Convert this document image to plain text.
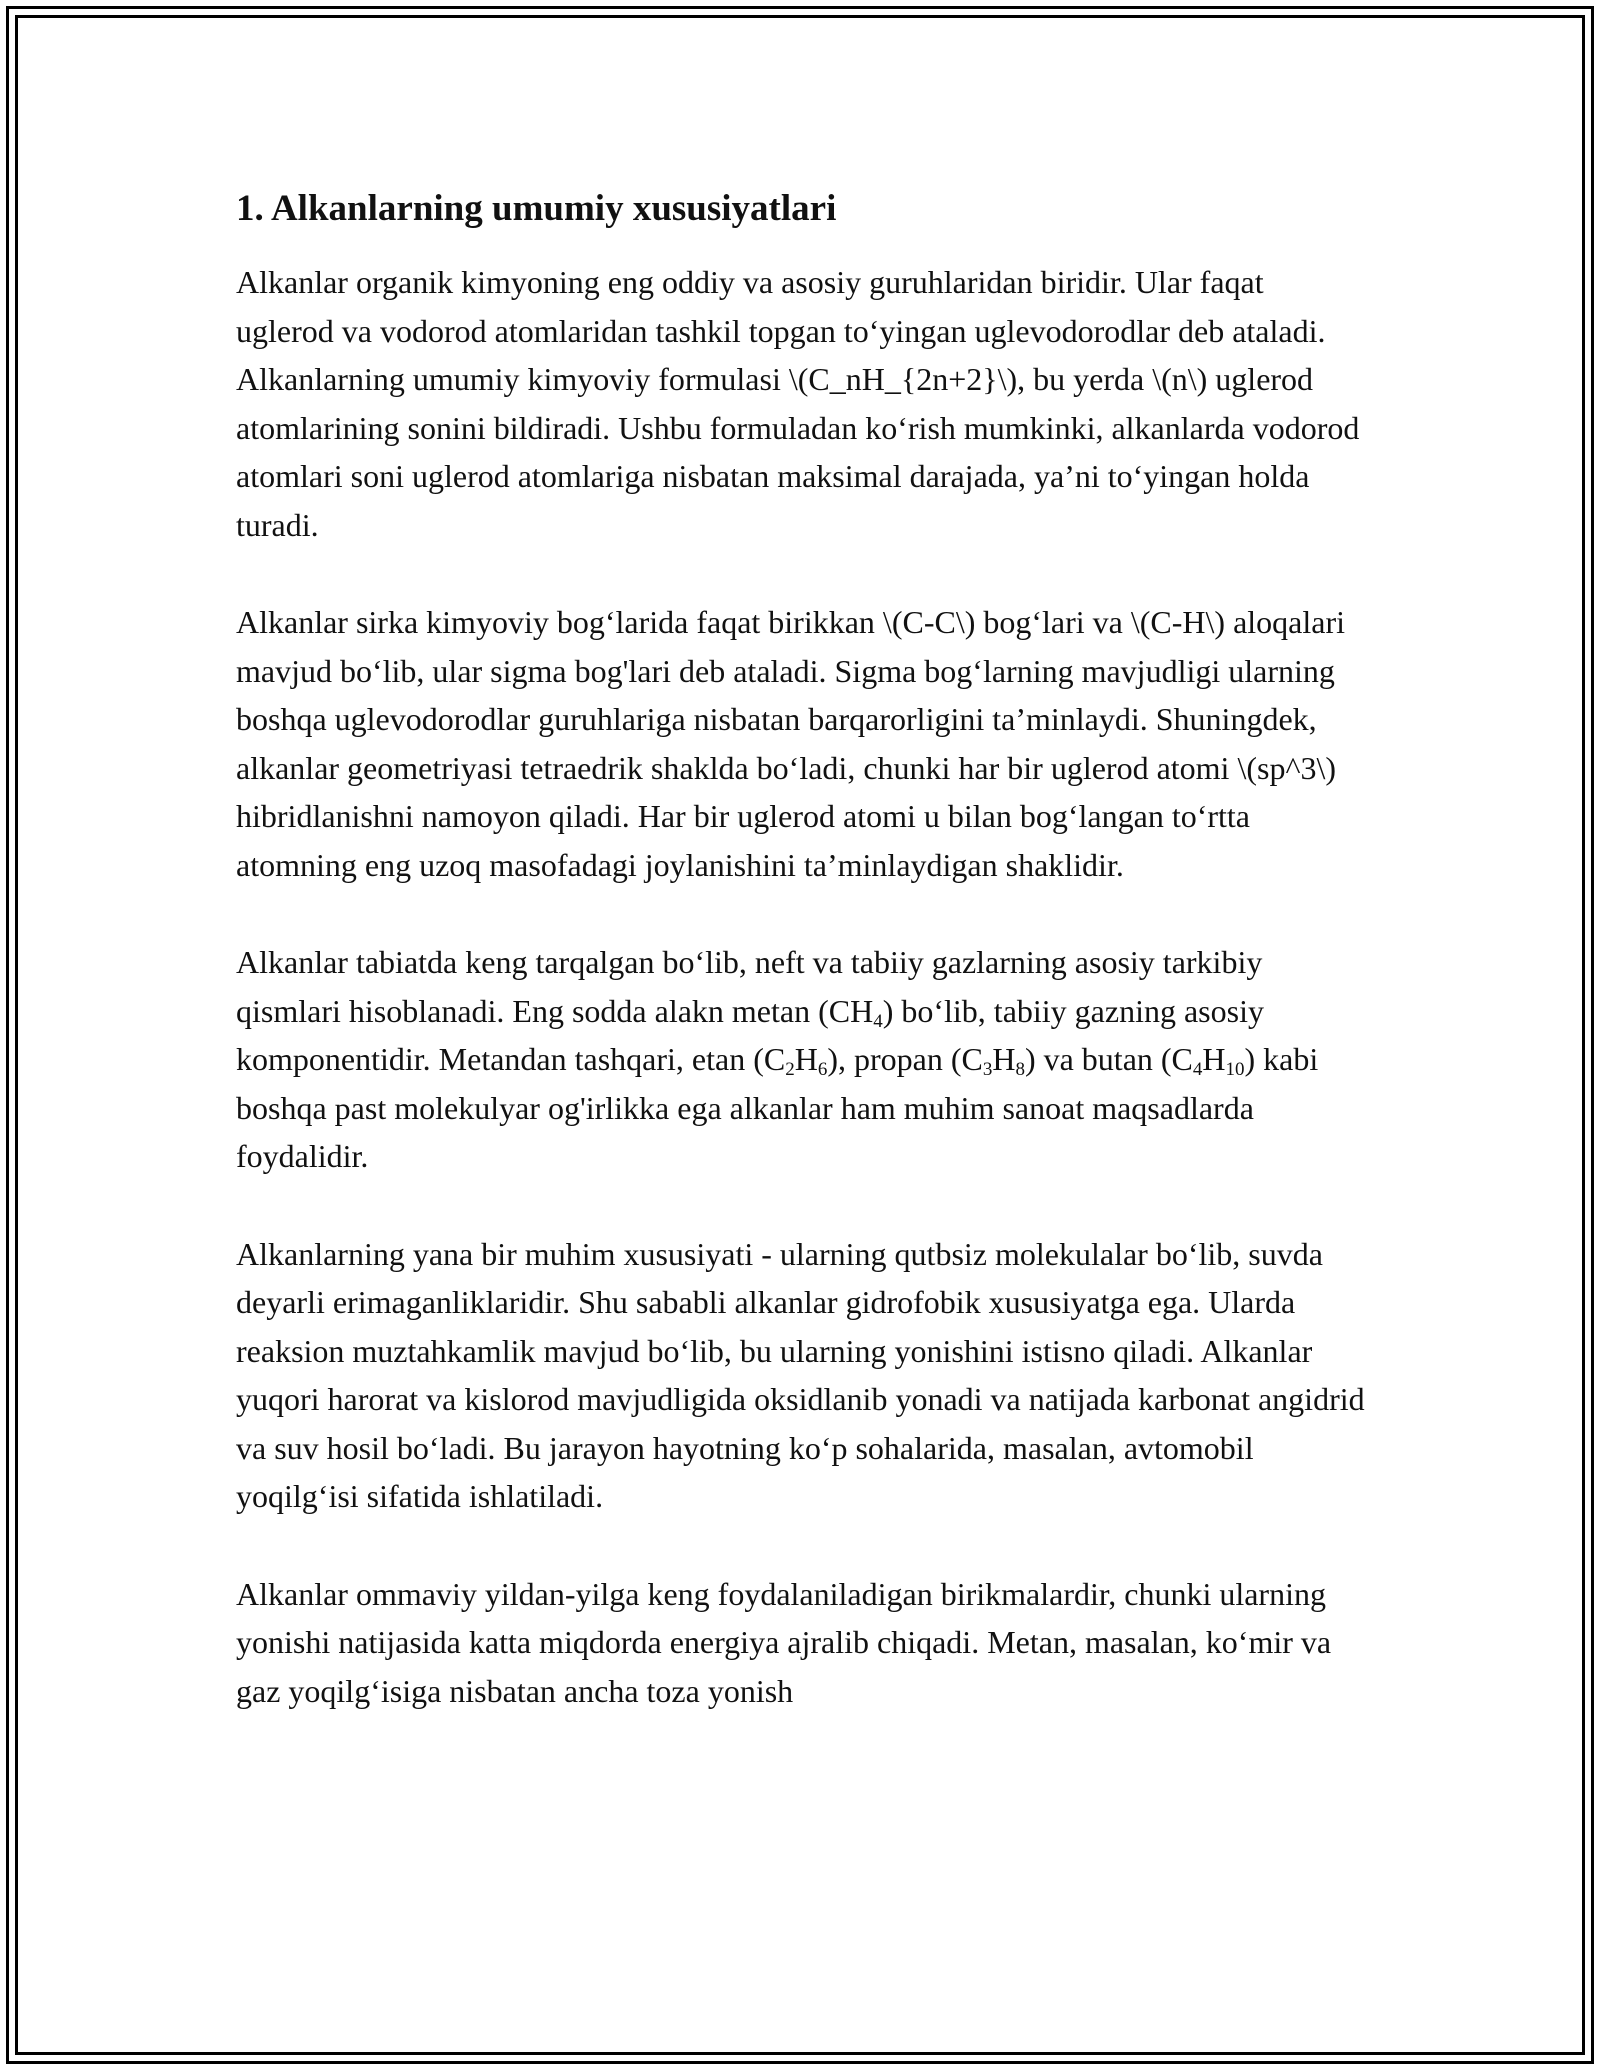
1. Alkanlarning umumiy xususiyatlari

Alkanlar organik kimyoning eng oddiy va asosiy guruhlaridan biridir. Ular faqat uglerod va vodorod atomlaridan tashkil topgan to‘yingan uglevodorodlar deb ataladi. Alkanlarning umumiy kimyoviy formulasi \(C_nH_{2n+2}\), bu yerda \(n\) uglerod atomlarining sonini bildiradi. Ushbu formuladan ko‘rish mumkinki, alkanlarda vodorod atomlari soni uglerod atomlariga nisbatan maksimal darajada, ya’ni to‘yingan holda turadi.

Alkanlar sirka kimyoviy bog‘larida faqat birikkan \(C-C\) bog‘lari va \(C-H\) aloqalari mavjud bo‘lib, ular sigma bog'lari deb ataladi. Sigma bog‘larning mavjudligi ularning boshqa uglevodorodlar guruhlariga nisbatan barqarorligini ta’minlaydi. Shuningdek, alkanlar geometriyasi tetraedrik shaklda bo‘ladi, chunki har bir uglerod atomi \(sp^3\) hibridlanishni namoyon qiladi. Har bir uglerod atomi u bilan bog‘langan to‘rtta atomning eng uzoq masofadagi joylanishini ta’minlaydigan shaklidir.

Alkanlar tabiatda keng tarqalgan bo‘lib, neft va tabiiy gazlarning asosiy tarkibiy qismlari hisoblanadi. Eng sodda alakn metan $(CH_4)$ bo‘lib, tabiiy gazning asosiy komponentidir. Metandan tashqari, etan $(C_2H_6)$, propan $(C_3H_8)$ va butan $(C_4H_{10})$ kabi boshqa past molekulyar og'irlikka ega alkanlar ham muhim sanoat maqsadlarda foydalidir.

Alkanlarning yana bir muhim xususiyati - ularning qutbsiz molekulalar bo‘lib, suvda deyarli erimaganliklaridir. Shu sababli alkanlar gidrofobik xususiyatga ega. Ularda reaksion muztahkamlik mavjud bo‘lib, bu ularning yonishini istisno qiladi. Alkanlar yuqori harorat va kislorod mavjudligida oksidlanib yonadi va natijada karbonat angidrid va suv hosil bo‘ladi. Bu jarayon hayotning ko‘p sohalarida, masalan, avtomobil yoqilg‘isi sifatida ishlatiladi.

Alkanlar ommaviy yildan-yilga keng foydalaniladigan birikmalardir, chunki ularning yonishi natijasida katta miqdorda energiya ajralib chiqadi. Metan, masalan, ko‘mir va gaz yoqilg‘isiga nisbatan ancha toza yonish
